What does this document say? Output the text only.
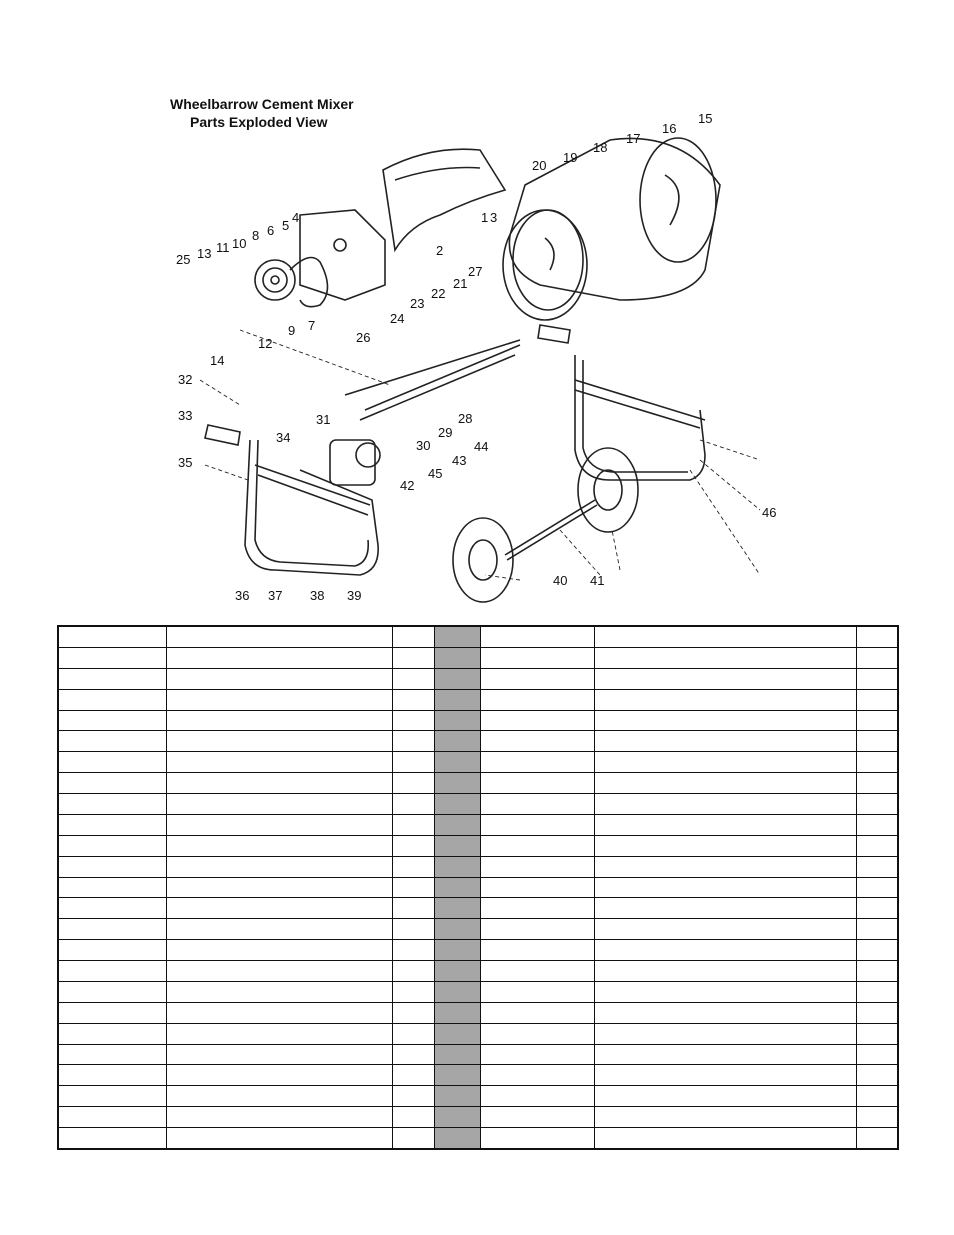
Wheelbarrow Cement Mixer
Parts Exploded View
1
2
3
4
5
6
7
8
9
10
11
12
13
14
15
16
17
18
19
20
21
22
23
24
25
26
27
28
29
30
31
32
33
34
35
36 37 38 39
40 41
42
43
44
45
46
